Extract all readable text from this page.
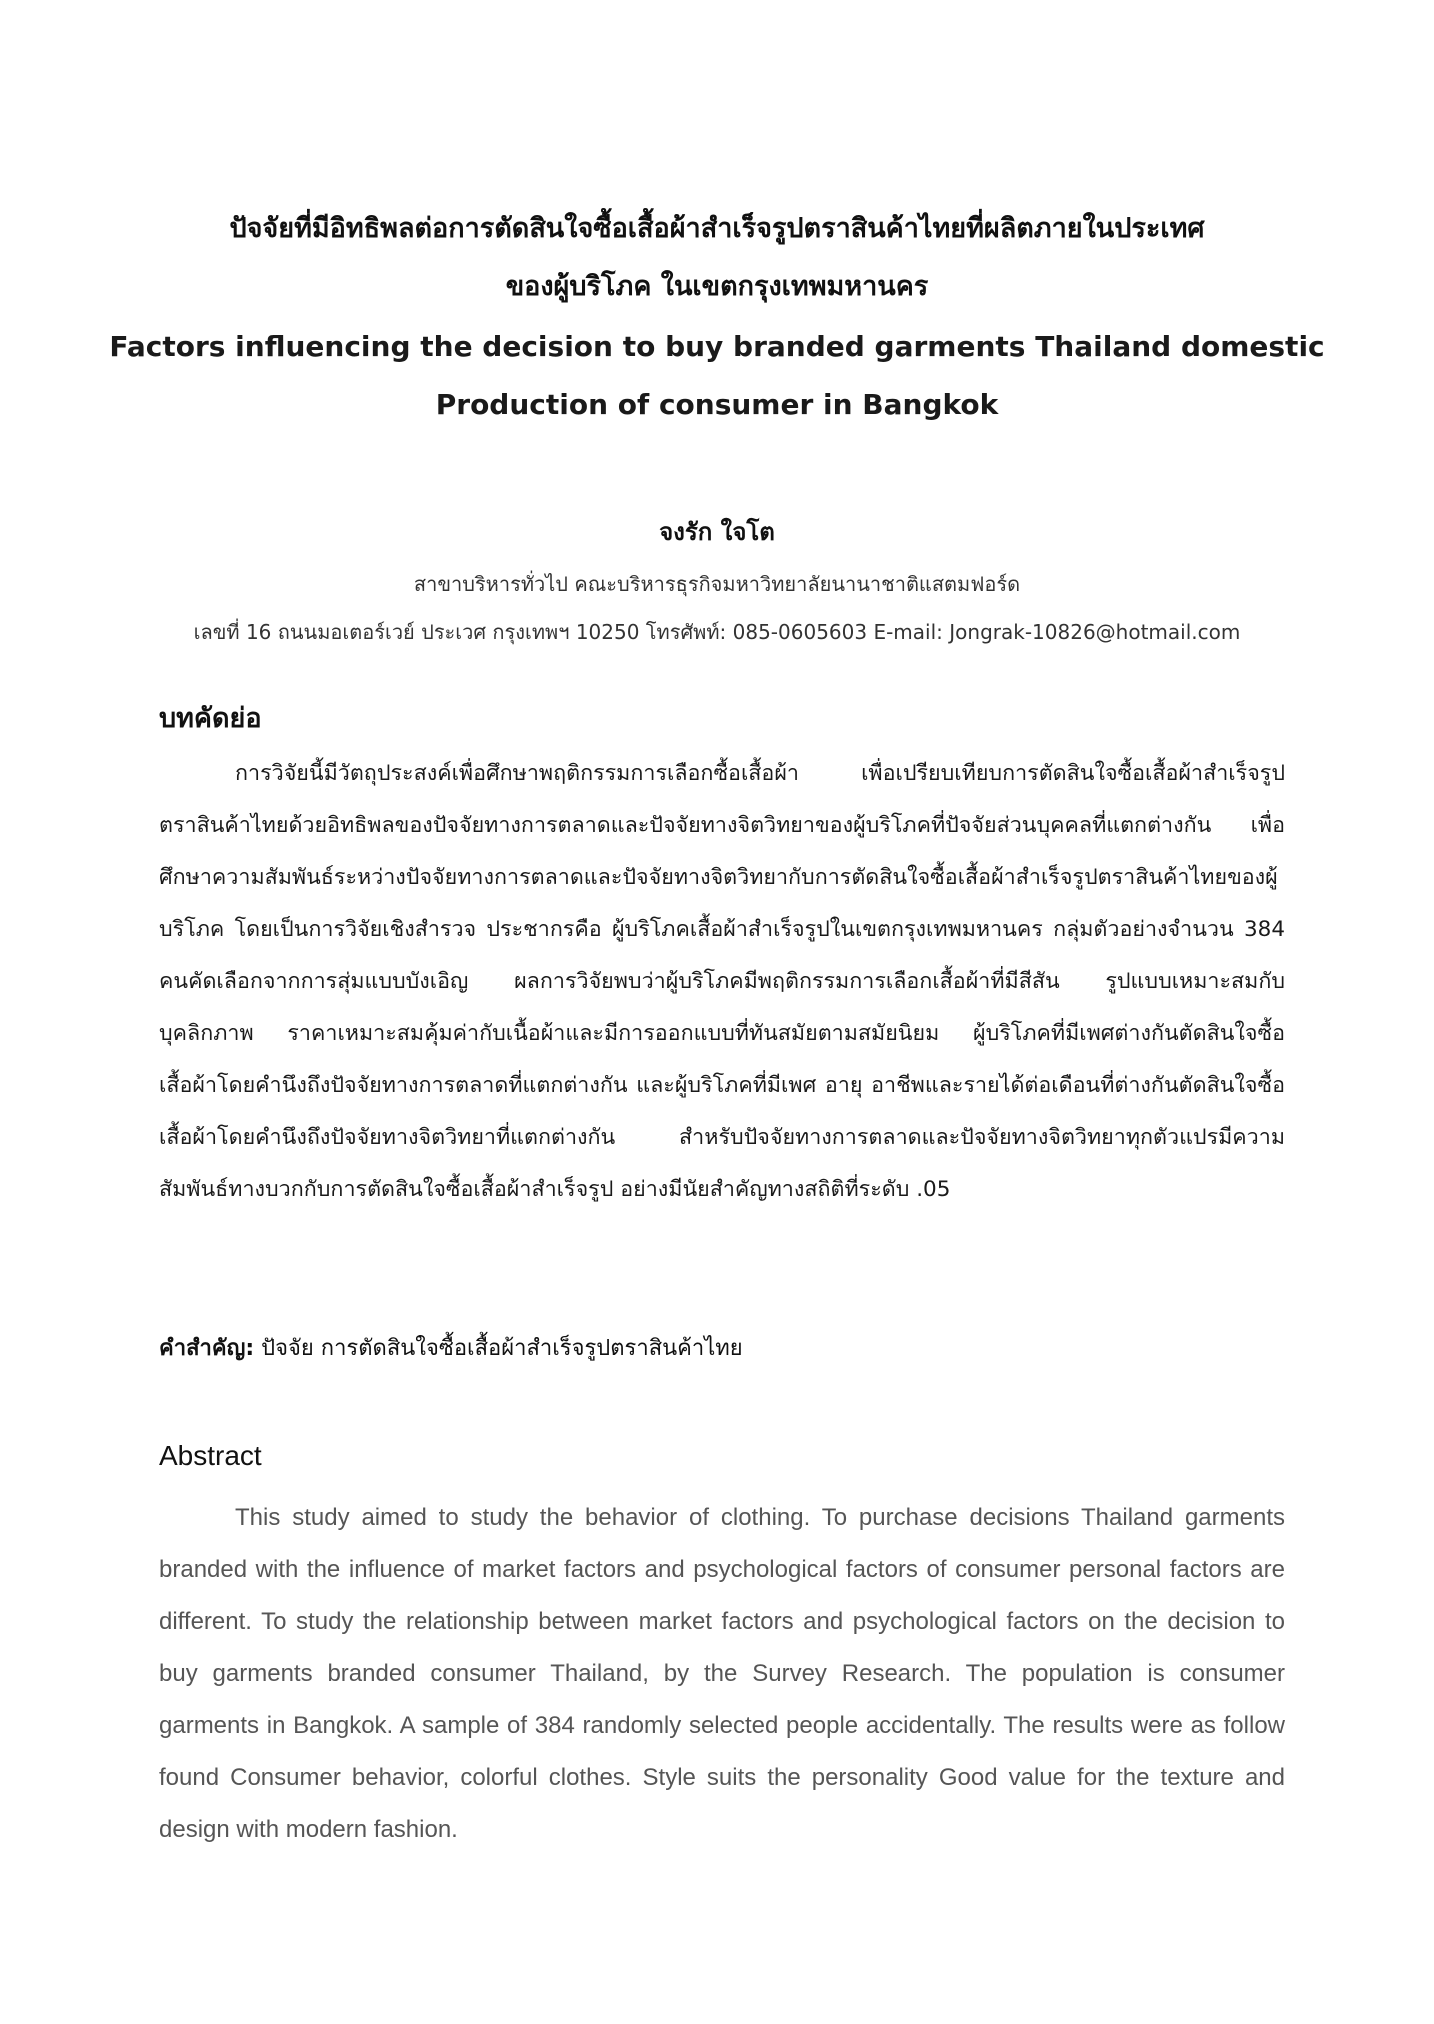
ปัจจัยที่มีอิทธิพลต่อการตัดสินใจซื้อเสื้อผ้าสำเร็จรูปตราสินค้าไทยที่ผลิตภายในประเทศ
ของผู้บริโภค ในเขตกรุงเทพมหานคร
Factors influencing the decision to buy branded garments Thailand domestic
Production of consumer in Bangkok
จงรัก ใจโต
สาขาบริหารทั่วไป คณะบริหารธุรกิจมหาวิทยาลัยนานาชาติแสตมฟอร์ด
เลขที่ 16 ถนนมอเตอร์เวย์ ประเวศ กรุงเทพฯ 10250 โทรศัพท์: 085-0605603 E-mail: Jongrak-10826@hotmail.com
บทคัดย่อ
การวิจัยนี้มีวัตถุประสงค์เพื่อศึกษาพฤติกรรมการเลือกซื้อเสื้อผ้า เพื่อเปรียบเทียบการตัดสินใจซื้อเสื้อผ้าสำเร็จรูปตราสินค้าไทยด้วยอิทธิพลของปัจจัยทางการตลาดและปัจจัยทางจิตวิทยาของผู้บริโภคที่ปัจจัยส่วนบุคคลที่แตกต่างกัน เพื่อศึกษาความสัมพันธ์ระหว่างปัจจัยทางการตลาดและปัจจัยทางจิตวิทยากับการตัดสินใจซื้อเสื้อผ้าสำเร็จรูปตราสินค้าไทยของผู้บริโภค โดยเป็นการวิจัยเชิงสำรวจ ประชากรคือ ผู้บริโภคเสื้อผ้าสำเร็จรูปในเขตกรุงเทพมหานคร กลุ่มตัวอย่างจำนวน 384 คนคัดเลือกจากการสุ่มแบบบังเอิญ ผลการวิจัยพบว่าผู้บริโภคมีพฤติกรรมการเลือกเสื้อผ้าที่มีสีสัน รูปแบบเหมาะสมกับบุคลิกภาพ ราคาเหมาะสมคุ้มค่ากับเนื้อผ้าและมีการออกแบบที่ทันสมัยตามสมัยนิยม ผู้บริโภคที่มีเพศต่างกันตัดสินใจซื้อเสื้อผ้าโดยคำนึงถึงปัจจัยทางการตลาดที่แตกต่างกัน และผู้บริโภคที่มีเพศ อายุ อาชีพและรายได้ต่อเดือนที่ต่างกันตัดสินใจซื้อเสื้อผ้าโดยคำนึงถึงปัจจัยทางจิตวิทยาที่แตกต่างกัน สำหรับปัจจัยทางการตลาดและปัจจัยทางจิตวิทยาทุกตัวแปรมีความสัมพันธ์ทางบวกกับการตัดสินใจซื้อเสื้อผ้าสำเร็จรูป อย่างมีนัยสำคัญทางสถิติที่ระดับ .05
คำสำคัญ: ปัจจัย การตัดสินใจซื้อเสื้อผ้าสำเร็จรูปตราสินค้าไทย
Abstract
This study aimed to study the behavior of clothing. To purchase decisions Thailand garments branded with the influence of market factors and psychological factors of consumer personal factors are different. To study the relationship between market factors and psychological factors on the decision to buy garments branded consumer Thailand, by the Survey Research. The population is consumer garments in Bangkok. A sample of 384 randomly selected people accidentally. The results were as follow found Consumer behavior, colorful clothes. Style suits the personality Good value for the texture and design with modern fashion.
